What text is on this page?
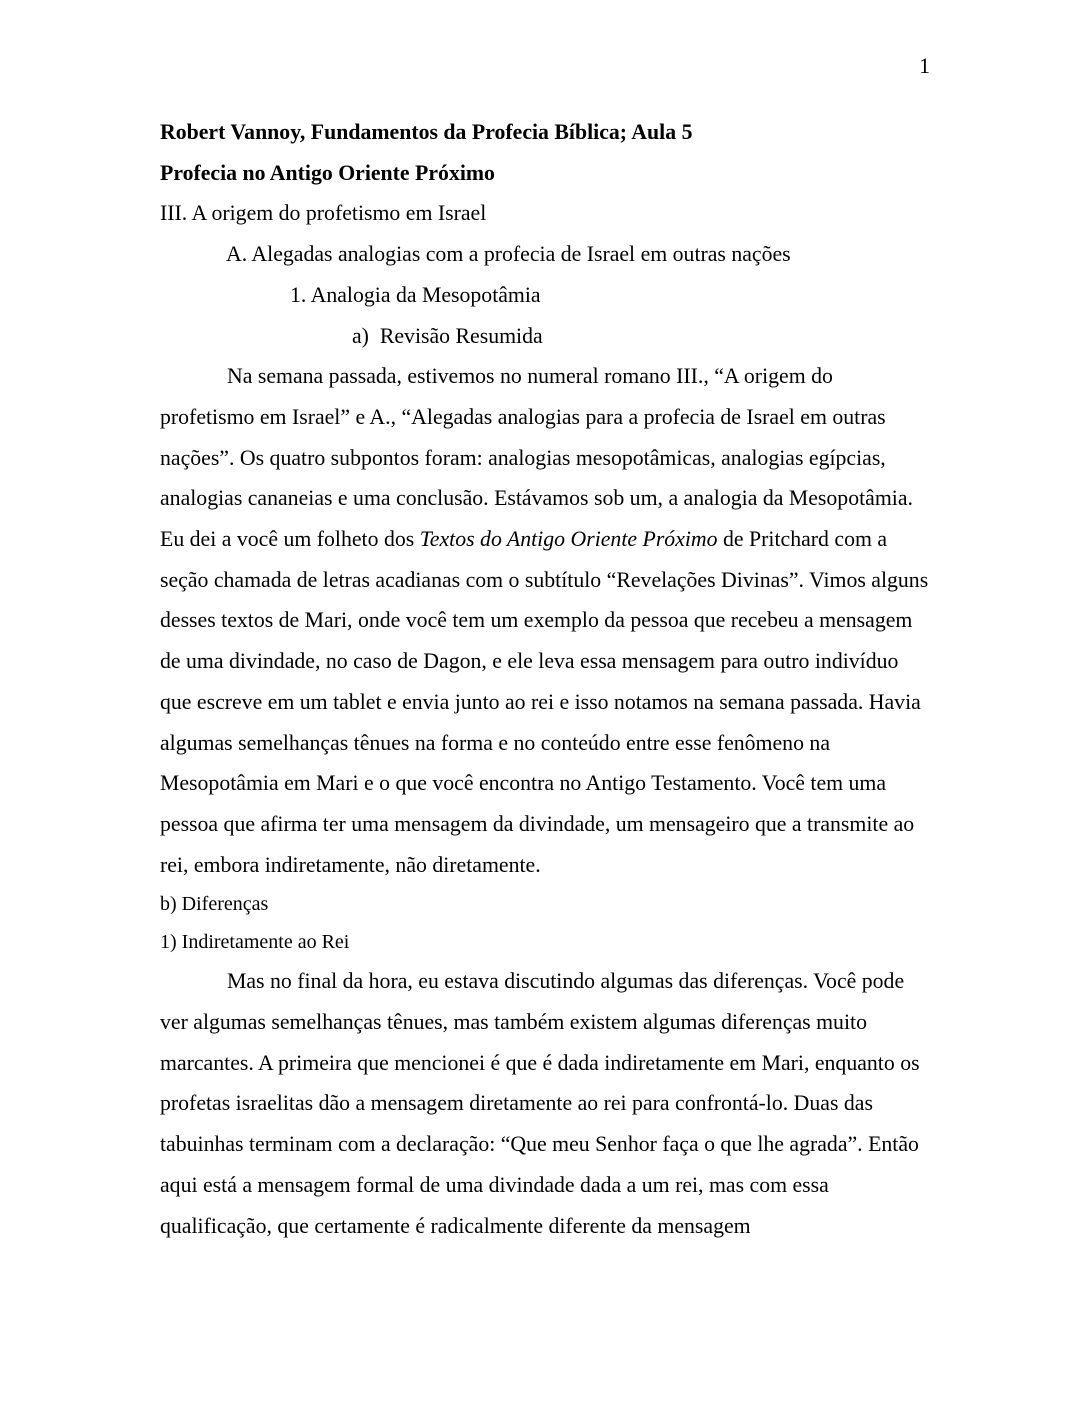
1
Robert Vannoy, Fundamentos da Profecia Bíblica; Aula 5
Profecia no Antigo Oriente Próximo
III. A origem do profetismo em Israel
A. Alegadas analogias com a profecia de Israel em outras nações
1. Analogia da Mesopotâmia
a)  Revisão Resumida

Na semana passada, estivemos no numeral romano III., “A origem do profetismo em Israel” e A., “Alegadas analogias para a profecia de Israel em outras nações”. Os quatro subpontos foram: analogias mesopotâmicas, analogias egípcias, analogias cananeias e uma conclusão. Estávamos sob um, a analogia da Mesopotâmia. Eu dei a você um folheto dos Textos do Antigo Oriente Próximo de Pritchard com a seção chamada de letras acadianas com o subtítulo “Revelações Divinas”. Vimos alguns desses textos de Mari, onde você tem um exemplo da pessoa que recebeu a mensagem de uma divindade, no caso de Dagon, e ele leva essa mensagem para outro indivíduo que escreve em um tablet e envia junto ao rei e isso notamos na semana passada. Havia algumas semelhanças tênues na forma e no conteúdo entre esse fenômeno na Mesopotâmia em Mari e o que você encontra no Antigo Testamento. Você tem uma pessoa que afirma ter uma mensagem da divindade, um mensageiro que a transmite ao rei, embora indiretamente, não diretamente.

b) Diferenças
1) Indiretamente ao Rei

Mas no final da hora, eu estava discutindo algumas das diferenças. Você pode ver algumas semelhanças tênues, mas também existem algumas diferenças muito marcantes. A primeira que mencionei é que é dada indiretamente em Mari, enquanto os profetas israelitas dão a mensagem diretamente ao rei para confrontá-lo. Duas das tabuinhas terminam com a declaração: “Que meu Senhor faça o que lhe agrada”. Então aqui está a mensagem formal de uma divindade dada a um rei, mas com essa qualificação, que certamente é radicalmente diferente da mensagem
